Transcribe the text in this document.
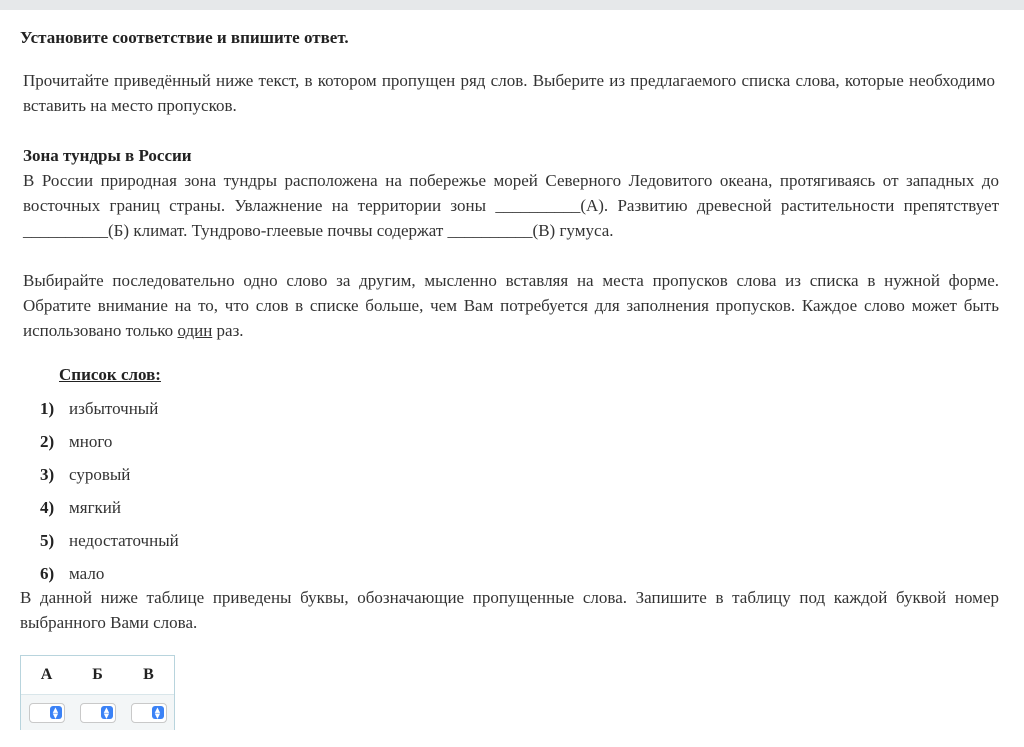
Установите соответствие и впишите ответ.

Прочитайте приведённый ниже текст, в котором пропущен ряд слов. Выберите из предлагаемого списка слова, которые необходимо вставить на место пропусков.

Зона тундры в России
В России природная зона тундры расположена на побережье морей Северного Ледовитого океана, протягиваясь от западных до восточных границ страны. Увлажнение на территории зоны __________(А). Развитию древесной растительности препятствует __________(Б) климат. Тундрово-глеевые почвы содержат __________(В) гумуса.

Выбирайте последовательно одно слово за другим, мысленно вставляя на места пропусков слова из списка в нужной форме. Обратите внимание на то, что слов в списке больше, чем Вам потребуется для заполнения пропусков. Каждое слово может быть использовано только один раз.

Список слов:
1) избыточный
2) много
3) суровый
4) мягкий
5) недостаточный
6) мало

В данной ниже таблице приведены буквы, обозначающие пропущенные слова. Запишите в таблицу под каждой буквой номер выбранного Вами слова.

А	Б	В
▲
▼
▲
▼
▲
▼
